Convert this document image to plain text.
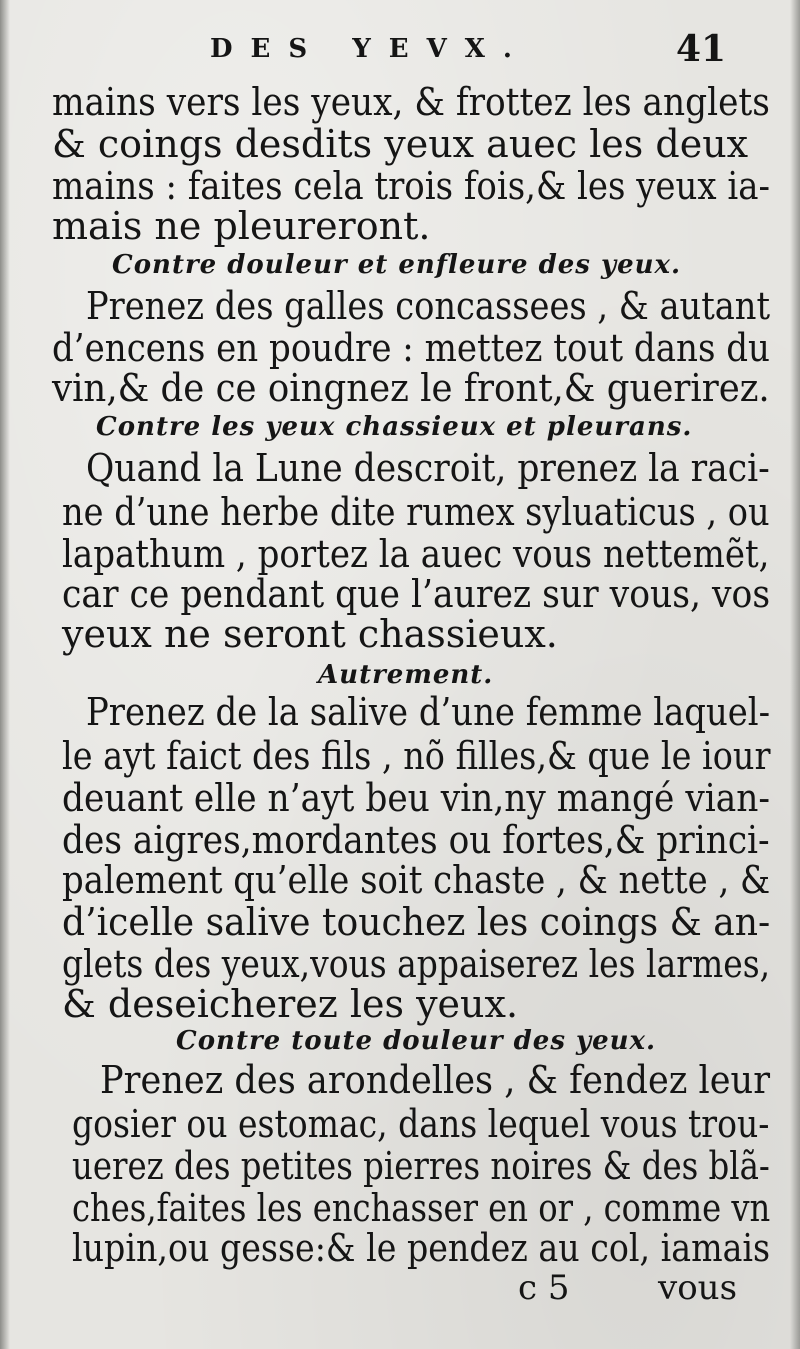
DES YEVX.	41
mains vers les yeux, & frottez les anglets
& coings desdits yeux auec les deux
mains : faites cela trois fois,& les yeux ia-
mais ne pleureront.
Contre douleur et enfleure des yeux.
Prenez des galles concassees , & autant
d’encens en poudre : mettez tout dans du
vin,& de ce oingnez le front,& guerirez.
Contre les yeux chassieux et pleurans.
Quand la Lune descroit, prenez la raci-
ne d’une herbe dite rumex syluaticus , ou
lapathum , portez la auec vous nettemẽt,
car ce pendant que l’aurez sur vous, vos
yeux ne seront chassieux.
Autrement.
Prenez de la salive d’une femme laquel-
le ayt faict des fils , nõ filles,& que le iour
deuant elle n’ayt beu vin,ny mangé vian-
des aigres,mordantes ou fortes,& princi-
palement qu’elle soit chaste , & nette , &
d’icelle salive touchez les coings & an-
glets des yeux,vous appaiserez les larmes,
& deseicherez les yeux.
Contre toute douleur des yeux.
Prenez des arondelles , & fendez leur
gosier ou estomac, dans lequel vous trou-
uerez des petites pierres noires & des blã-
ches,faites les enchasser en or , comme vn
lupin,ou gesse:& le pendez au col, iamais
c 5	vous
